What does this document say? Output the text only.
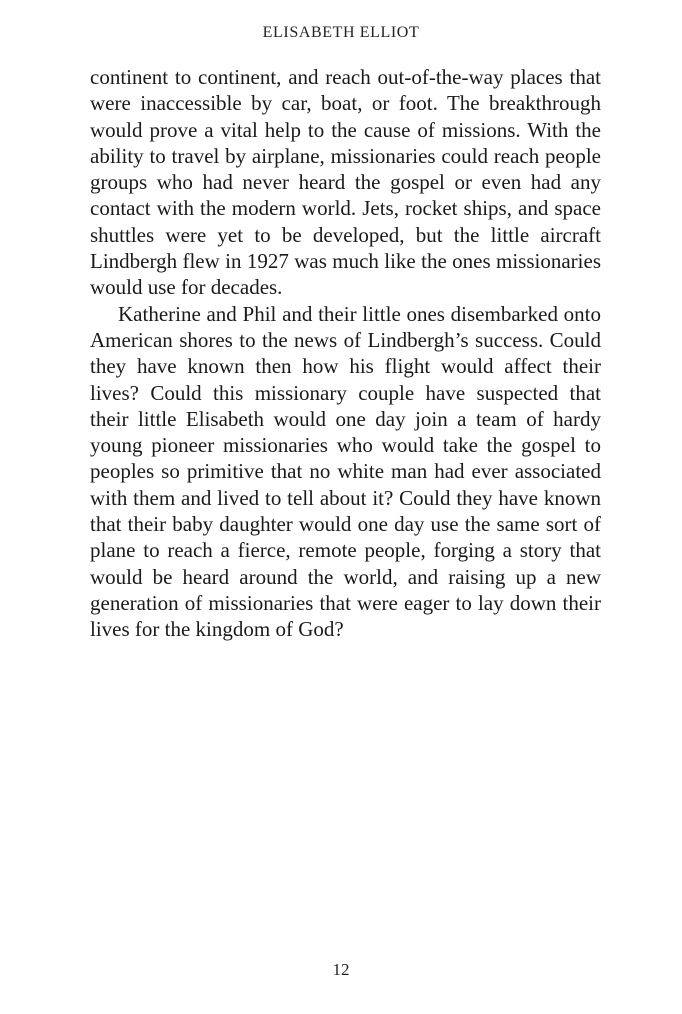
ELISABETH ELLIOT

continent to continent, and reach out-of-the-way places that were inaccessible by car, boat, or foot. The breakthrough would prove a vital help to the cause of missions. With the ability to travel by airplane, missionaries could reach people groups who had never heard the gospel or even had any contact with the modern world. Jets, rocket ships, and space shuttles were yet to be developed, but the little aircraft Lindbergh flew in 1927 was much like the ones missionaries would use for decades.

Katherine and Phil and their little ones disembarked onto American shores to the news of Lindbergh’s success. Could they have known then how his flight would affect their lives? Could this missionary couple have suspected that their little Elisabeth would one day join a team of hardy young pioneer missionaries who would take the gospel to peoples so primitive that no white man had ever associated with them and lived to tell about it? Could they have known that their baby daughter would one day use the same sort of plane to reach a fierce, remote people, forging a story that would be heard around the world, and raising up a new generation of missionaries that were eager to lay down their lives for the kingdom of God?

12
